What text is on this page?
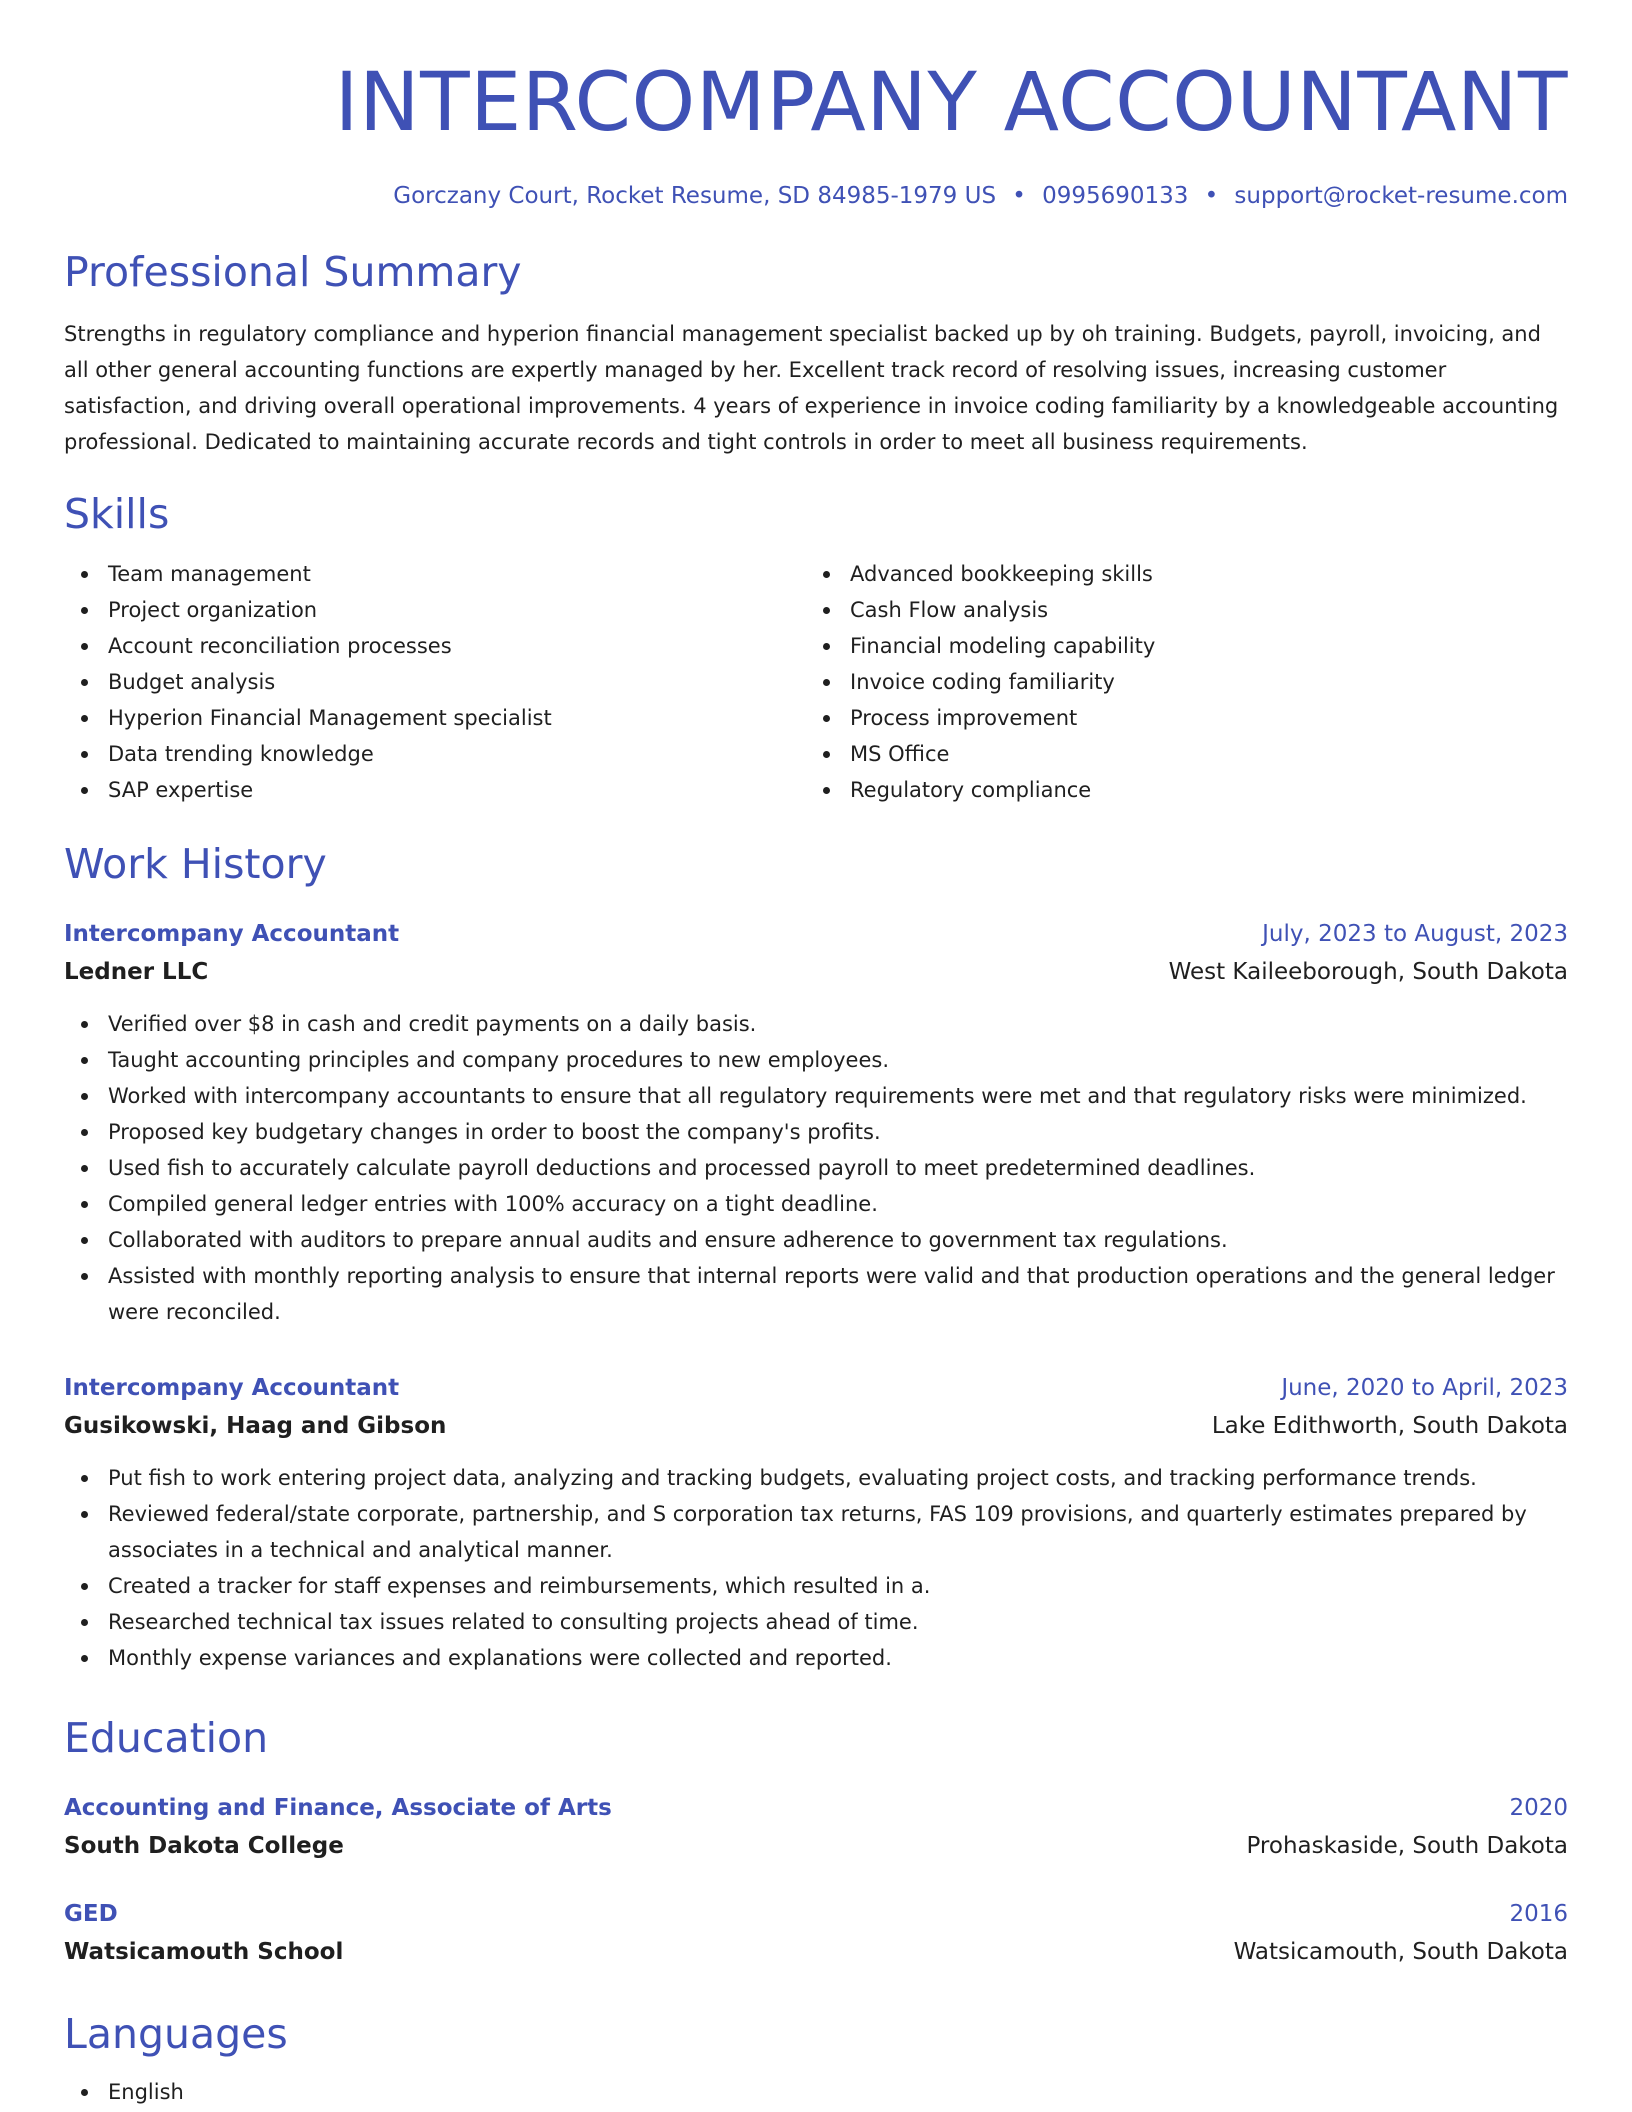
INTERCOMPANY ACCOUNTANT
Gorczany Court, Rocket Resume, SD 84985-1979 US • 0995690133 • support@rocket-resume.com
Professional Summary

Strengths in regulatory compliance and hyperion financial management specialist backed up by oh training. Budgets, payroll, invoicing, and all other general accounting functions are expertly managed by her. Excellent track record of resolving issues, increasing customer satisfaction, and driving overall operational improvements. 4 years of experience in invoice coding familiarity by a knowledgeable accounting professional. Dedicated to maintaining accurate records and tight controls in order to meet all business requirements.

Skills
Team management
Project organization
Account reconciliation processes
Budget analysis
Hyperion Financial Management specialist
Data trending knowledge
SAP expertise
Advanced bookkeeping skills
Cash Flow analysis
Financial modeling capability
Invoice coding familiarity
Process improvement
MS Office
Regulatory compliance
Work History
Intercompany Accountant	July, 2023 to August, 2023
Ledner LLC	West Kaileeborough, South Dakota
Verified over $8 in cash and credit payments on a daily basis.
Taught accounting principles and company procedures to new employees.
Worked with intercompany accountants to ensure that all regulatory requirements were met and that regulatory risks were minimized.
Proposed key budgetary changes in order to boost the company's profits.
Used fish to accurately calculate payroll deductions and processed payroll to meet predetermined deadlines.
Compiled general ledger entries with 100% accuracy on a tight deadline.
Collaborated with auditors to prepare annual audits and ensure adherence to government tax regulations.
Assisted with monthly reporting analysis to ensure that internal reports were valid and that production operations and the general ledger were reconciled.
Intercompany Accountant	June, 2020 to April, 2023
Gusikowski, Haag and Gibson	Lake Edithworth, South Dakota
Put fish to work entering project data, analyzing and tracking budgets, evaluating project costs, and tracking performance trends.
Reviewed federal/state corporate, partnership, and S corporation tax returns, FAS 109 provisions, and quarterly estimates prepared by associates in a technical and analytical manner.
Created a tracker for staff expenses and reimbursements, which resulted in a.
Researched technical tax issues related to consulting projects ahead of time.
Monthly expense variances and explanations were collected and reported.
Education
Accounting and Finance, Associate of Arts	2020
South Dakota College	Prohaskaside, South Dakota
GED	2016
Watsicamouth School	Watsicamouth, South Dakota
Languages
English
